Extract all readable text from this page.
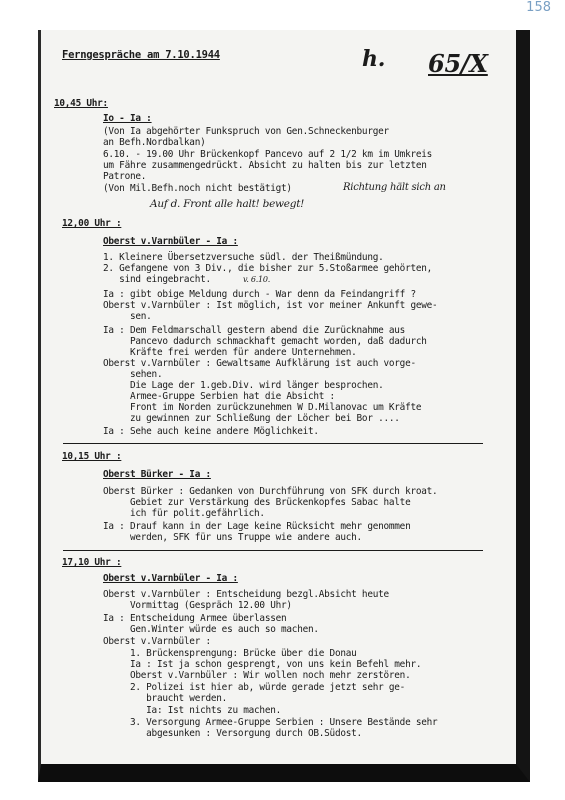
158
Ferngespräche am 7.10.1944	h. 65/X
10,45 Uhr:
Io - Ia :
(Von Ia abgehörter Funkspruch von Gen.Schneckenburger
an Befh.Nordbalkan)
6.10. - 19.00 Uhr Brückenkopf Pancevo auf 2 1/2 km im Umkreis
um Fähre zusammengedrückt. Absicht zu halten bis zur letzten
Patrone.
(Von Mil.Befh.noch nicht bestätigt)	Richtung hält sich an
Auf d. Front alle halt! bewegt!
12,00 Uhr :
Oberst v.Varnbüler - Ia :
1. Kleinere Übersetzversuche südl. der Theißmündung.
2. Gefangene von 3 Div., die bisher zur 5.Stoßarmee gehörten,
sind eingebracht.	v. 6.10.
Ia : gibt obige Meldung durch - War denn da Feindangriff ?
Oberst v.Varnbüler : Ist möglich, ist vor meiner Ankunft gewe-
sen.
Ia : Dem Feldmarschall gestern abend die Zurücknahme aus
Pancevo dadurch schmackhaft gemacht worden, daß dadurch
Kräfte frei werden für andere Unternehmen.
Oberst v.Varnbüler : Gewaltsame Aufklärung ist auch vorge-
sehen.
Die Lage der 1.geb.Div. wird länger besprochen.
Armee-Gruppe Serbien hat die Absicht :
Front im Norden zurückzunehmen W D.Milanovac um Kräfte
zu gewinnen zur Schließung der Löcher bei Bor ....
Ia : Sehe auch keine andere Möglichkeit.
10,15 Uhr :
Oberst Bürker - Ia :
Oberst Bürker : Gedanken von Durchführung von SFK durch kroat.
Gebiet zur Verstärkung des Brückenkopfes Sabac halte
ich für polit.gefährlich.
Ia : Drauf kann in der Lage keine Rücksicht mehr genommen
werden, SFK für uns Truppe wie andere auch.
17,10 Uhr :
Oberst v.Varnbüler - Ia :
Oberst v.Varnbüler : Entscheidung bezgl.Absicht heute
Vormittag (Gespräch 12.00 Uhr)
Ia : Entscheidung Armee überlassen
Gen.Winter würde es auch so machen.
Oberst v.Varnbüler :
1. Brückensprengung: Brücke über die Donau
Ia : Ist ja schon gesprengt, von uns kein Befehl mehr.
Oberst v.Varnbüler : Wir wollen noch mehr zerstören.
2. Polizei ist hier ab, würde gerade jetzt sehr ge-
braucht werden.
Ia: Ist nichts zu machen.
3. Versorgung Armee-Gruppe Serbien : Unsere Bestände sehr
abgesunken : Versorgung durch OB.Südost.
